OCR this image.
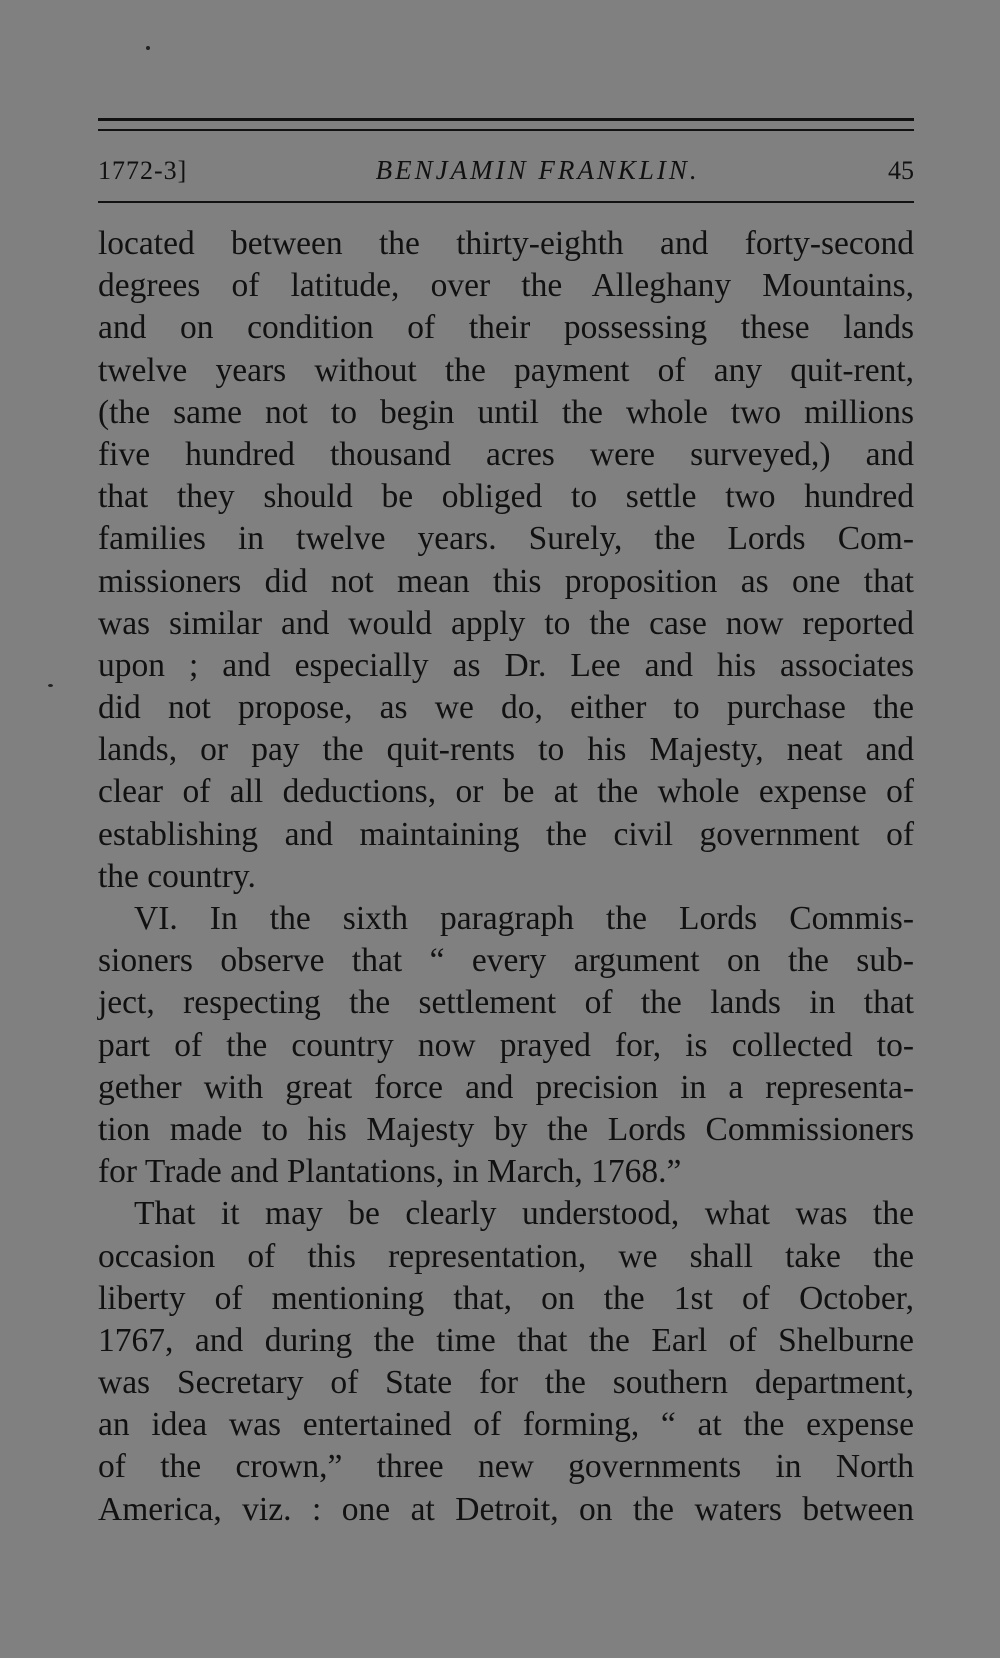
1772-3]	BENJAMIN FRANKLIN.	45
located between the thirty-eighth and forty-second
degrees of latitude, over the Alleghany Mountains,
and on condition of their possessing these lands
twelve years without the payment of any quit-rent,
(the same not to begin until the whole two millions
five hundred thousand acres were surveyed,) and
that they should be obliged to settle two hundred
families in twelve years. Surely, the Lords Com-
missioners did not mean this proposition as one that
was similar and would apply to the case now reported
upon ; and especially as Dr. Lee and his associates
did not propose, as we do, either to purchase the
lands, or pay the quit-rents to his Majesty, neat and
clear of all deductions, or be at the whole expense of
establishing and maintaining the civil government of
the country.
VI. In the sixth paragraph the Lords Commis-
sioners observe that “ every argument on the sub-
ject, respecting the settlement of the lands in that
part of the country now prayed for, is collected to-
gether with great force and precision in a representa-
tion made to his Majesty by the Lords Commissioners
for Trade and Plantations, in March, 1768.”
That it may be clearly understood, what was the
occasion of this representation, we shall take the
liberty of mentioning that, on the 1st of October,
1767, and during the time that the Earl of Shelburne
was Secretary of State for the southern department,
an idea was entertained of forming, “ at the expense
of the crown,” three new governments in North
America, viz. : one at Detroit, on the waters between
